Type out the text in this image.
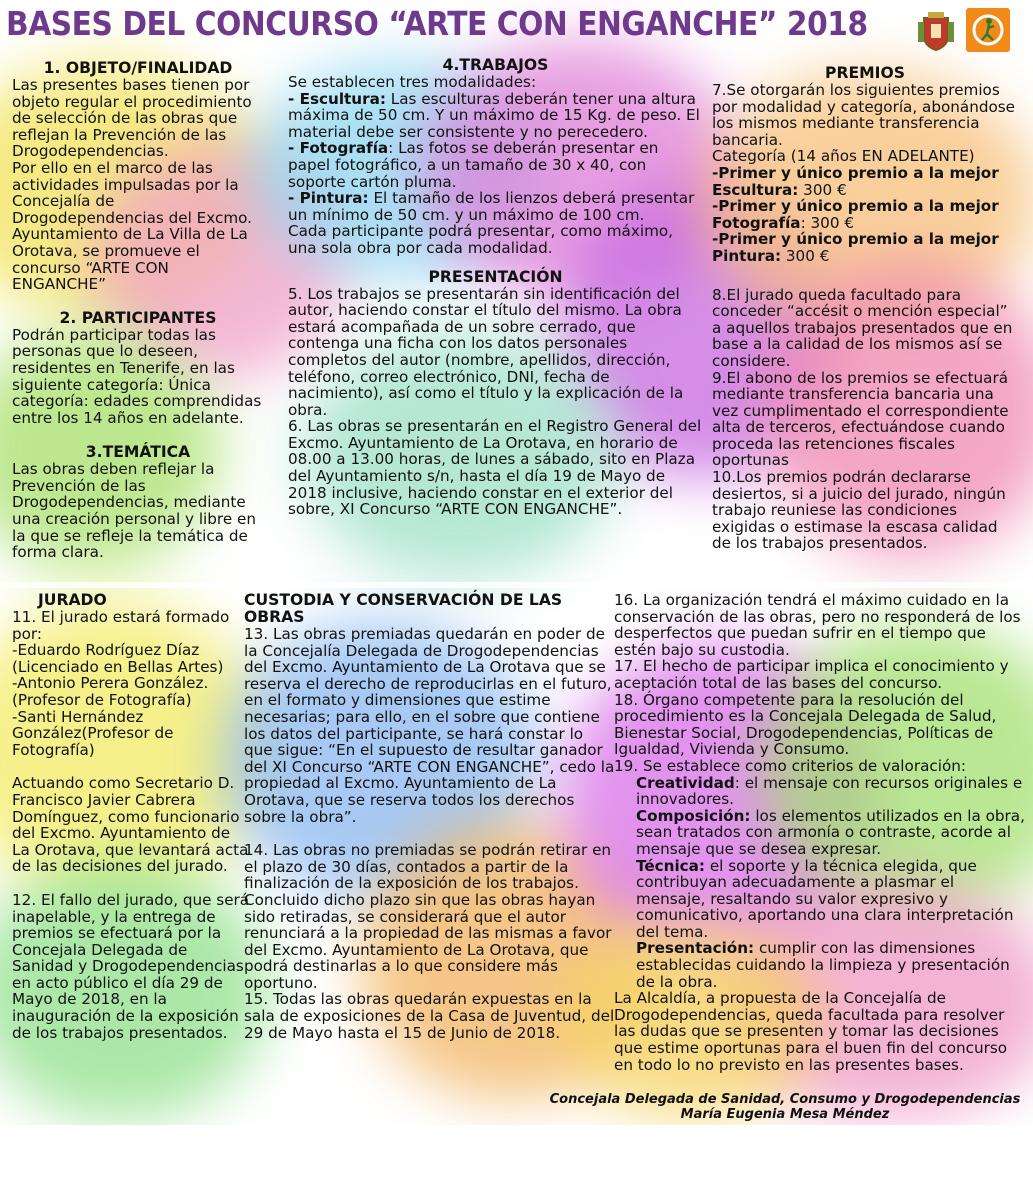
BASES DEL CONCURSO “ARTE CON ENGANCHE” 2018
1. OBJETO/FINALIDAD

Las presentes bases tienen por objeto regular el procedimiento de selección de las obras que reflejan la Prevención de las Drogodependencias.

Por ello en el marco de las actividades impulsadas por la Concejalía de Drogodependencias del Excmo. Ayuntamiento de La Villa de La Orotava, se promueve el concurso “ARTE CON ENGANCHE”

2. PARTICIPANTES

Podrán participar todas las personas que lo deseen, residentes en Tenerife, en las siguiente categoría: Única categoría: edades comprendidas entre los 14 años en adelante.

3.TEMÁTICA

Las obras deben reflejar la Prevención de las Drogodependencias, mediante una creación personal y libre en la que se refleje la temática de forma clara.

4.TRABAJOS

Se establecen tres modalidades:

- Escultura: Las esculturas deberán tener una altura máxima de 50 cm. Y un máximo de 15 Kg. de peso. El material debe ser consistente y no perecedero.

- Fotografía: Las fotos se deberán presentar en papel fotográfico, a un tamaño de 30 x 40, con soporte cartón pluma.

- Pintura: El tamaño de los lienzos deberá presentar un mínimo de 50 cm. y un máximo de 100 cm.

Cada participante podrá presentar, como máximo, una sola obra por cada modalidad.

PRESENTACIÓN

5. Los trabajos se presentarán sin identificación del autor, haciendo constar el título del mismo. La obra estará acompañada de un sobre cerrado, que contenga una ficha con los datos personales completos del autor (nombre, apellidos, dirección, teléfono, correo electrónico, DNI, fecha de nacimiento), así como el título y la explicación de la obra.

6. Las obras se presentarán en el Registro General del Excmo. Ayuntamiento de La Orotava, en horario de 08.00 a 13.00 horas, de lunes a sábado, sito en Plaza del Ayuntamiento s/n, hasta el día 19 de Mayo de 2018 inclusive, haciendo constar en el exterior del sobre, XI Concurso “ARTE CON ENGANCHE”.

PREMIOS

7.Se otorgarán los siguientes premios por modalidad y categoría, abonándose los mismos mediante transferencia bancaria.

Categoría (14 años EN ADELANTE)

-Primer y único premio a la mejor

Escultura: 300 €

-Primer y único premio a la mejor

Fotografía: 300 €

-Primer y único premio a la mejor

Pintura: 300 €

8.El jurado queda facultado para conceder “accésit o mención especial” a aquellos trabajos presentados que en base a la calidad de los mismos así se considere.

9.El abono de los premios se efectuará mediante transferencia bancaria una vez cumplimentado el correspondiente alta de terceros, efectuándose cuando proceda las retenciones fiscales oportunas

10.Los premios podrán declararse desiertos, si a juicio del jurado, ningún trabajo reuniese las condiciones exigidas o estimase la escasa calidad de los trabajos presentados.

JURADO

11. El jurado estará formado por:

-Eduardo Rodríguez Díaz (Licenciado en Bellas Artes)

-Antonio Perera González. (Profesor de Fotografía)

-Santi Hernández González(Profesor de Fotografía)

Actuando como Secretario D. Francisco Javier Cabrera Domínguez, como funcionario del Excmo. Ayuntamiento de La Orotava, que levantará acta de las decisiones del jurado.

12. El fallo del jurado, que será inapelable, y la entrega de premios se efectuará por la Concejala Delegada de Sanidad y Drogodependencias en acto público el día 29 de Mayo de 2018, en la inauguración de la exposición de los trabajos presentados.

CUSTODIA Y CONSERVACIÓN DE LAS OBRAS

13. Las obras premiadas quedarán en poder de la Concejalía Delegada de Drogodependencias del Excmo. Ayuntamiento de La Orotava que se reserva el derecho de reproducirlas en el futuro, en el formato y dimensiones que estime necesarias; para ello, en el sobre que contiene los datos del participante, se hará constar lo que sigue: “En el supuesto de resultar ganador del XI Concurso “ARTE CON ENGANCHE”, cedo la propiedad al Excmo. Ayuntamiento de La Orotava, que se reserva todos los derechos sobre la obra”.

14. Las obras no premiadas se podrán retirar en el plazo de 30 días, contados a partir de la finalización de la exposición de los trabajos. Concluido dicho plazo sin que las obras hayan sido retiradas, se considerará que el autor renunciará a la propiedad de las mismas a favor del Excmo. Ayuntamiento de La Orotava, que podrá destinarlas a lo que considere más oportuno.

15. Todas las obras quedarán expuestas en la sala de exposiciones de la Casa de Juventud, del 29 de Mayo hasta el 15 de Junio de 2018.

16. La organización tendrá el máximo cuidado en la conservación de las obras, pero no responderá de los desperfectos que puedan sufrir en el tiempo que estén bajo su custodia.

17. El hecho de participar implica el conocimiento y aceptación total de las bases del concurso.

18. Órgano competente para la resolución del procedimiento es la Concejala Delegada de Salud, Bienestar Social, Drogodependencias, Políticas de Igualdad, Vivienda y Consumo.

19. Se establece como criterios de valoración:

Creatividad: el mensaje con recursos originales e innovadores.

Composición: los elementos utilizados en la obra, sean tratados con armonía o contraste, acorde al mensaje que se desea expresar.

Técnica: el soporte y la técnica elegida, que contribuyan adecuadamente a plasmar el mensaje, resaltando su valor expresivo y comunicativo, aportando una clara interpretación del tema.

Presentación: cumplir con las dimensiones establecidas cuidando la limpieza y presentación de la obra.

La Alcaldía, a propuesta de la Concejalía de Drogodependencias, queda facultada para resolver las dudas que se presenten y tomar las decisiones que estime oportunas para el buen fin del concurso en todo lo no previsto en las presentes bases.

Concejala Delegada de Sanidad, Consumo y Drogodependencias
María Eugenia Mesa Méndez
